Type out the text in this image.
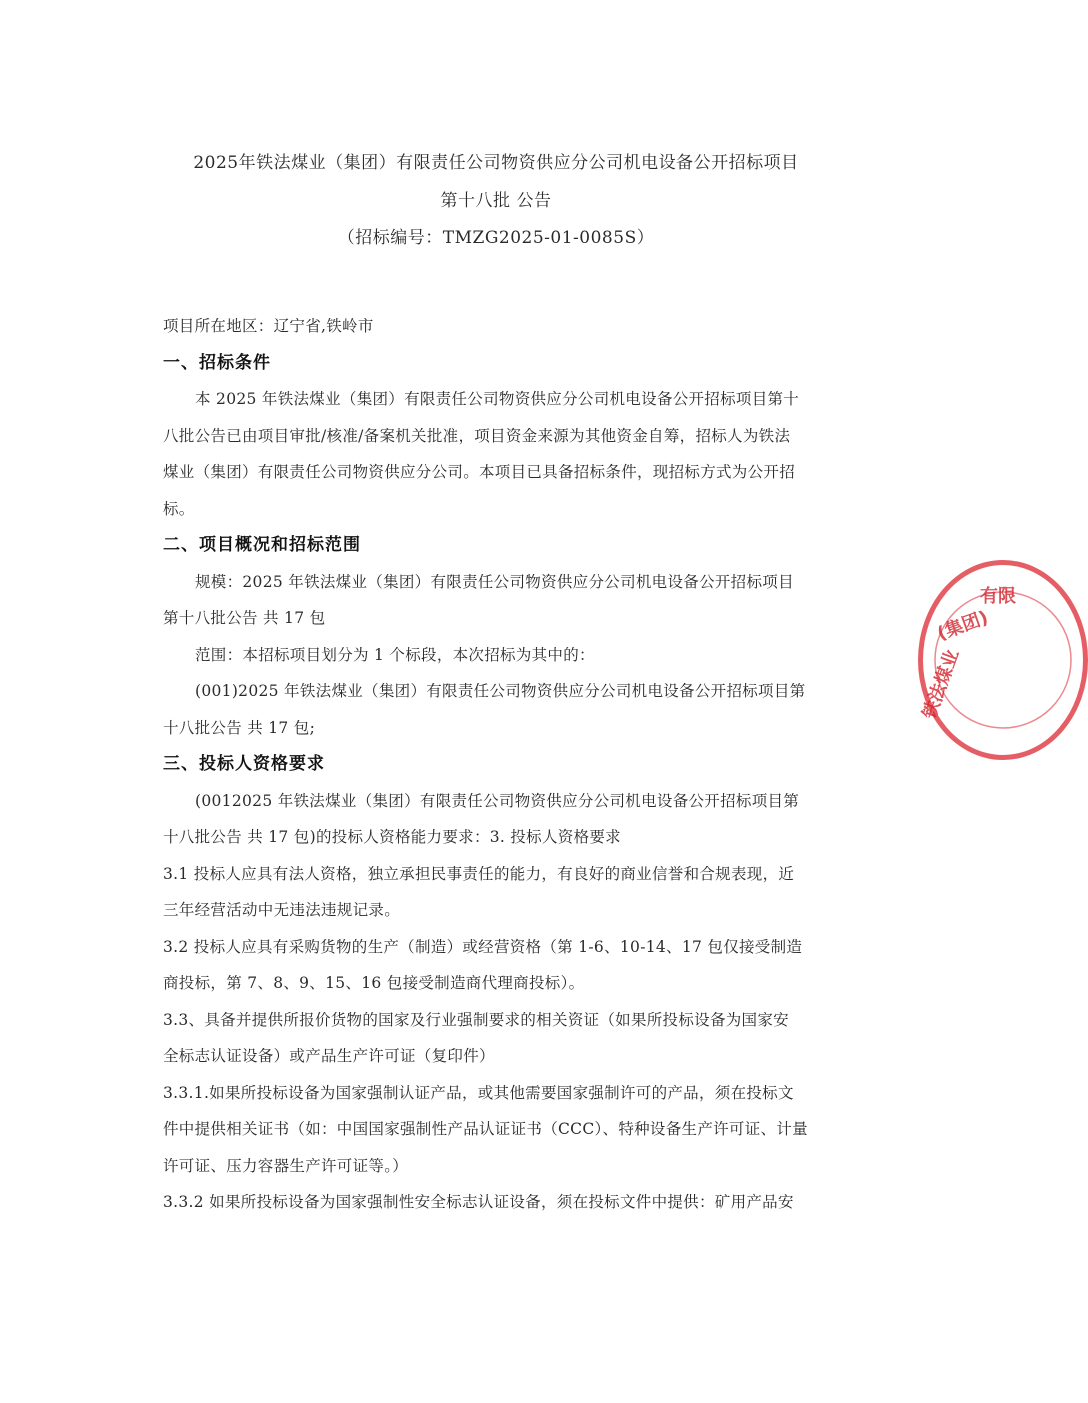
2025年铁法煤业（集团）有限责任公司物资供应分公司机电设备公开招标项目
第十八批 公告
（招标编号：TMZG2025-01-0085S）
项目所在地区：辽宁省,铁岭市
一、招标条件
本 2025 年铁法煤业（集团）有限责任公司物资供应分公司机电设备公开招标项目第十
八批公告已由项目审批/核准/备案机关批准，项目资金来源为其他资金自筹，招标人为铁法
煤业（集团）有限责任公司物资供应分公司。本项目已具备招标条件，现招标方式为公开招
标。
二、项目概况和招标范围
规模：2025 年铁法煤业（集团）有限责任公司物资供应分公司机电设备公开招标项目
第十八批公告 共 17 包
范围：本招标项目划分为 1 个标段，本次招标为其中的：
(001)2025 年铁法煤业（集团）有限责任公司物资供应分公司机电设备公开招标项目第
十八批公告 共 17 包;
三、投标人资格要求
(0012025 年铁法煤业（集团）有限责任公司物资供应分公司机电设备公开招标项目第
十八批公告 共 17 包)的投标人资格能力要求：3. 投标人资格要求
3.1 投标人应具有法人资格，独立承担民事责任的能力，有良好的商业信誉和合规表现，近
三年经营活动中无违法违规记录。
3.2 投标人应具有采购货物的生产（制造）或经营资格（第 1-6、10-14、17 包仅接受制造
商投标，第 7、8、9、15、16 包接受制造商代理商投标）。
3.3、具备并提供所报价货物的国家及行业强制要求的相关资证（如果所投标设备为国家安
全标志认证设备）或产品生产许可证（复印件）
3.3.1.如果所投标设备为国家强制认证产品，或其他需要国家强制许可的产品，须在投标文
件中提供相关证书（如：中国国家强制性产品认证证书（CCC）、特种设备生产许可证、计量
许可证、压力容器生产许可证等。）
3.3.2 如果所投标设备为国家强制性安全标志认证设备，须在投标文件中提供：矿用产品安
铁法煤业
(集团)
有限
